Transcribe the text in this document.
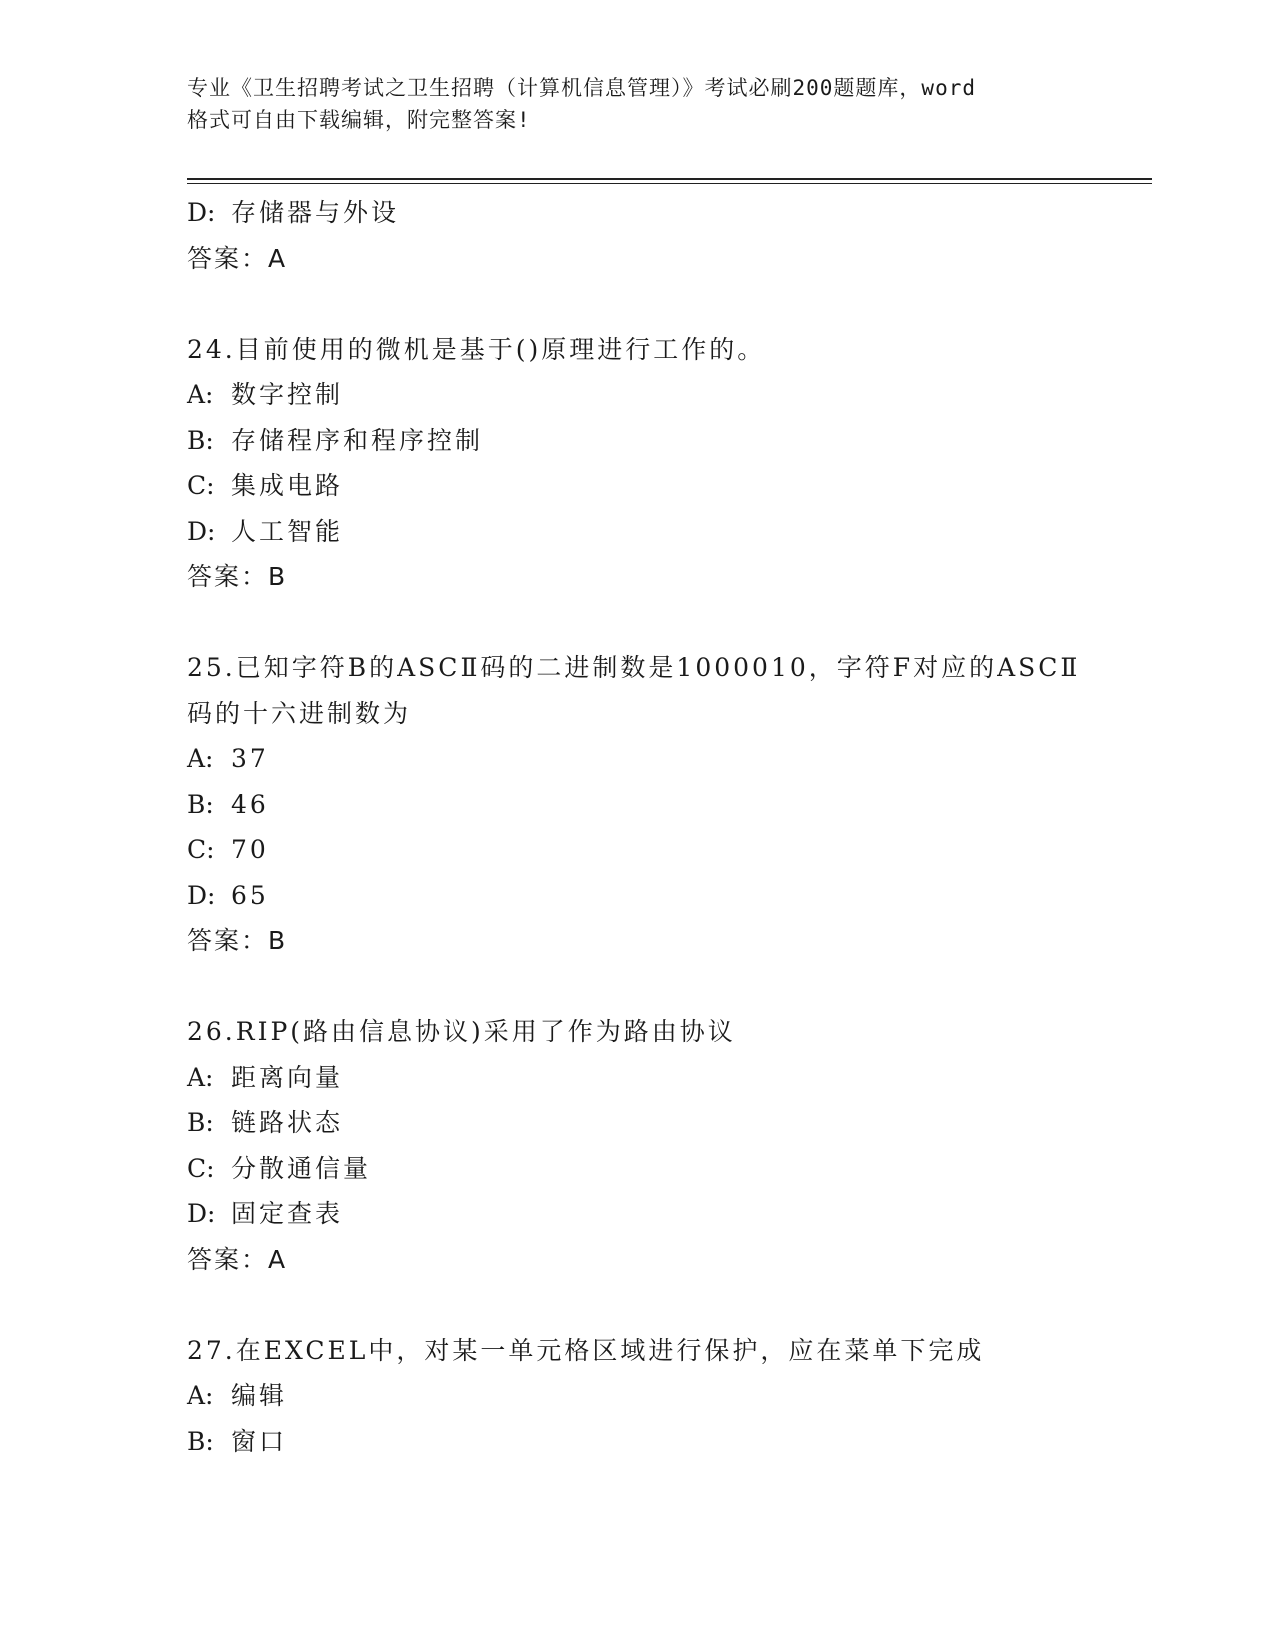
专业《卫生招聘考试之卫生招聘（计算机信息管理）》考试必刷200题题库，word
格式可自由下载编辑，附完整答案!
D: 存储器与外设
答案：A
24.目前使用的微机是基于()原理进行工作的。
A: 数字控制
B: 存储程序和程序控制
C: 集成电路
D: 人工智能
答案：B
25.已知字符B的ASCⅡ码的二进制数是1000010，字符F对应的ASCⅡ
码的十六进制数为
A: 37
B: 46
C: 70
D: 65
答案：B
26.RIP(路由信息协议)采用了作为路由协议
A: 距离向量
B: 链路状态
C: 分散通信量
D: 固定查表
答案：A
27.在EXCEL中，对某一单元格区域进行保护，应在菜单下完成
A: 编辑
B: 窗口
